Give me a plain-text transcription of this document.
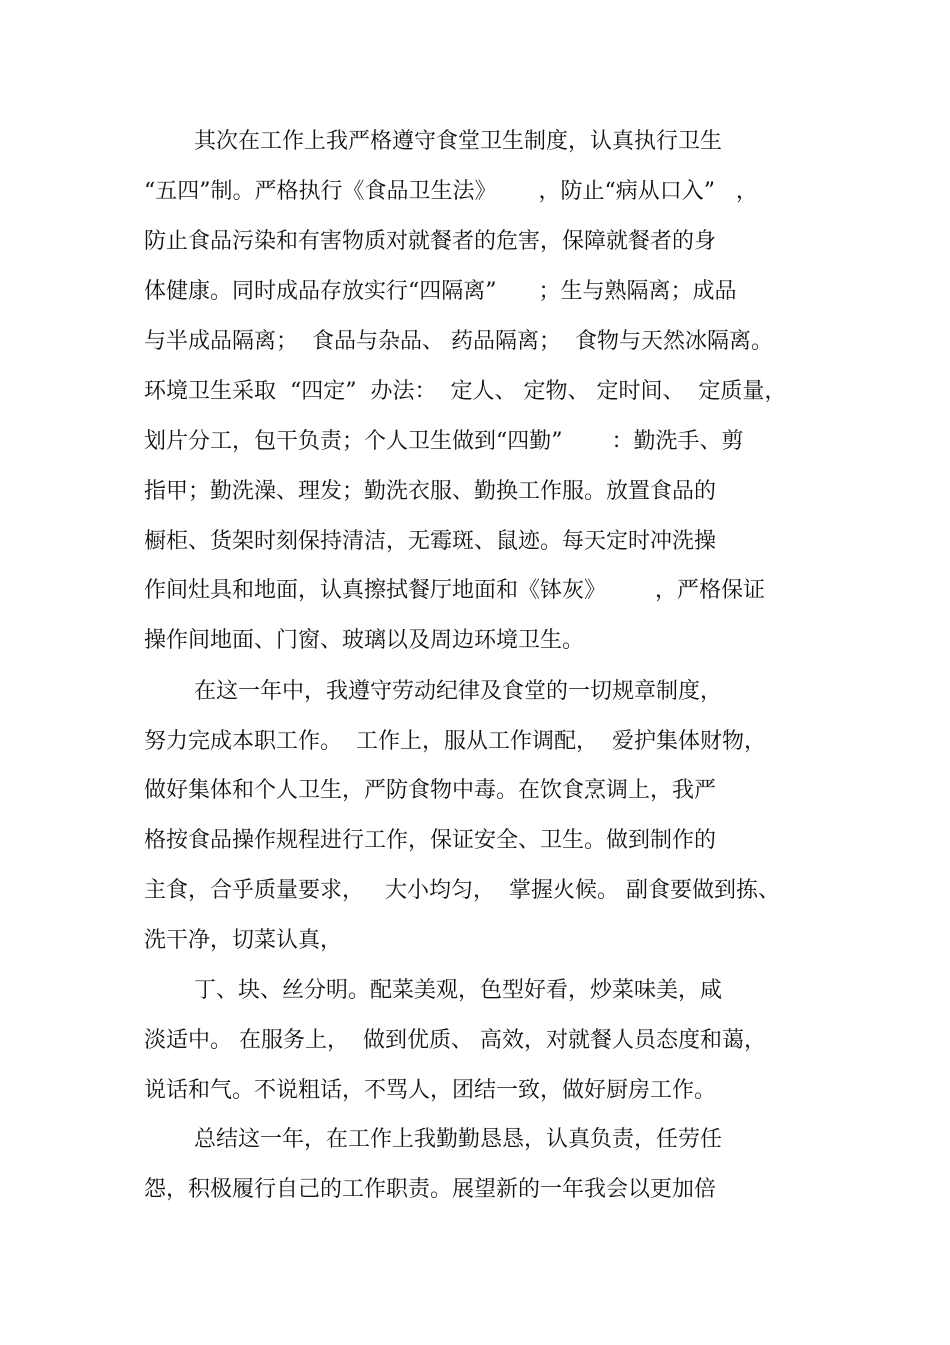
其次在工作上我严格遵守食堂卫生制度，认真执行卫生
“五四”制。严格执行《食品卫生法》      ，防止“病从口入”   ，
防止食品污染和有害物质对就餐者的危害，保障就餐者的身
体健康。同时成品存放实行“四隔离”      ；生与熟隔离；成品
与半成品隔离；  食品与杂品、 药品隔离；  食物与天然冰隔离。
环境卫生采取  “四定”  办法：  定人、 定物、 定时间、  定质量，
划片分工，包干负责；个人卫生做到“四勤”       ：勤洗手、剪
指甲；勤洗澡、理发；勤洗衣服、勤换工作服。放置食品的
橱柜、货架时刻保持清洁，无霉斑、鼠迹。每天定时冲洗操
作间灶具和地面，认真擦拭餐厅地面和《钵灰》       ，严格保证
操作间地面、门窗、玻璃以及周边环境卫生。
在这一年中，我遵守劳动纪律及食堂的一切规章制度，
努力完成本职工作。  工作上，服从工作调配，  爱护集体财物，
做好集体和个人卫生，严防食物中毒。在饮食烹调上，我严
格按食品操作规程进行工作，保证安全、卫生。做到制作的
主食，合乎质量要求，   大小均匀，  掌握火候。 副食要做到拣、
洗干净，切菜认真，
丁、块、丝分明。配菜美观，色型好看，炒菜味美，咸
淡适中。 在服务上，  做到优质、 高效，对就餐人员态度和蔼，
说话和气。不说粗话，不骂人，团结一致，做好厨房工作。
总结这一年，在工作上我勤勤恳恳，认真负责，任劳任
怨，积极履行自己的工作职责。展望新的一年我会以更加倍
